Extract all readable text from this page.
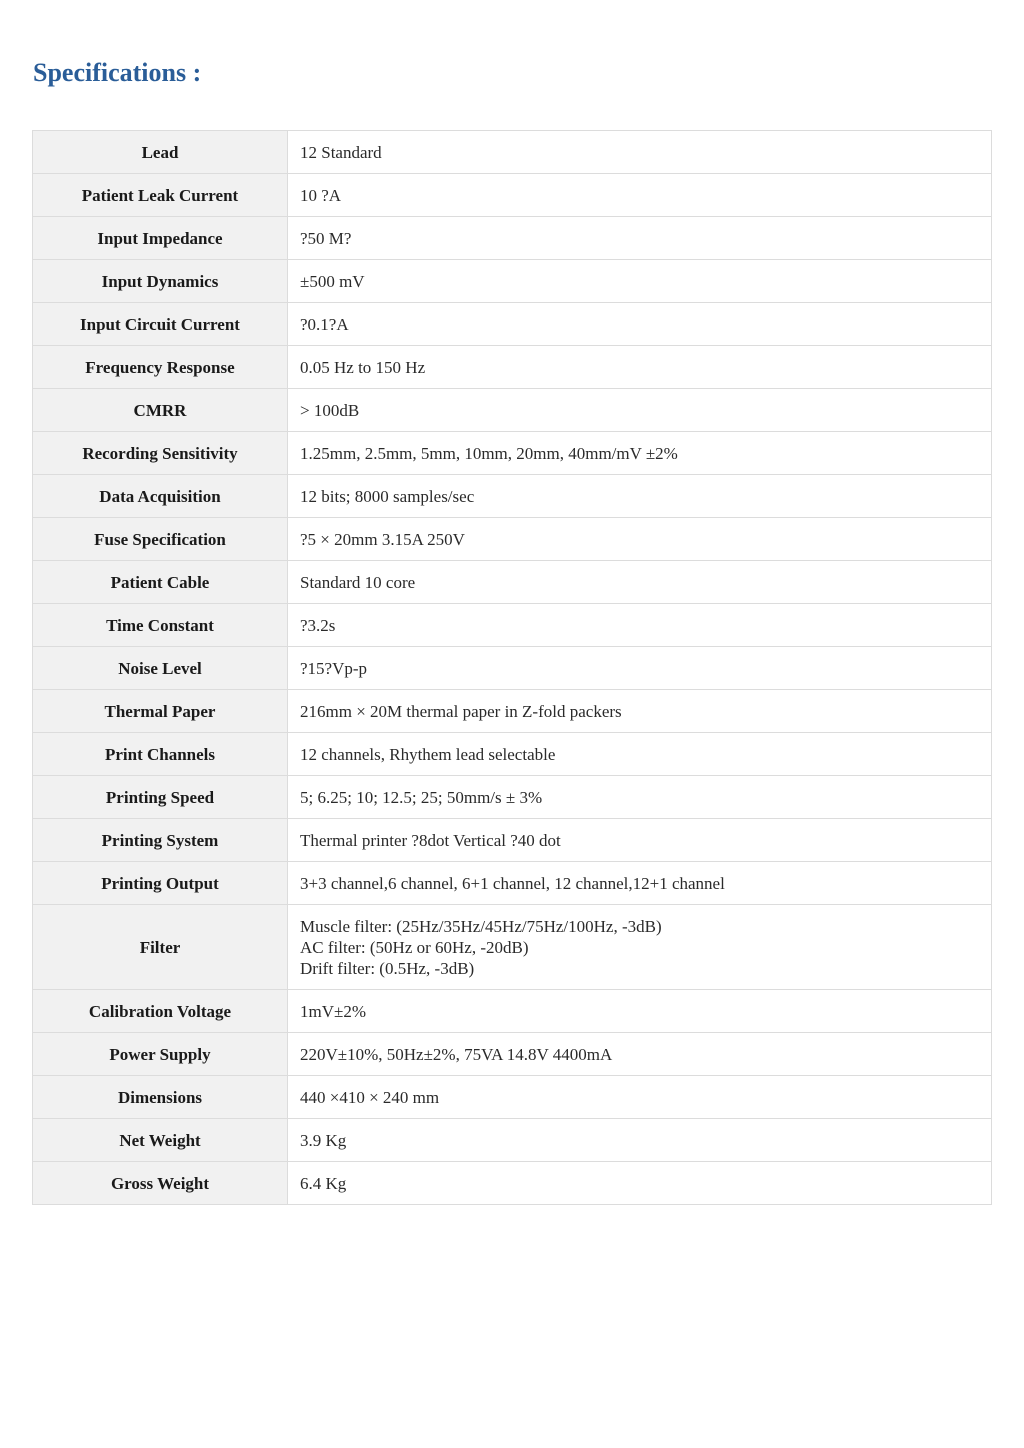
Specifications :
Lead	12 Standard
Patient Leak Current	10 ?A
Input Impedance	?50 M?
Input Dynamics	±500 mV
Input Circuit Current	?0.1?A
Frequency Response	0.05 Hz to 150 Hz
CMRR	> 100dB
Recording Sensitivity	1.25mm, 2.5mm, 5mm, 10mm, 20mm, 40mm/mV ±2%
Data Acquisition	12 bits; 8000 samples/sec
Fuse Specification	?5 × 20mm 3.15A 250V
Patient Cable	Standard 10 core
Time Constant	?3.2s
Noise Level	?15?Vp-p
Thermal Paper	216mm × 20M thermal paper in Z-fold packers
Print Channels	12 channels, Rhythem lead selectable
Printing Speed	5; 6.25; 10; 12.5; 25; 50mm/s ± 3%
Printing System	Thermal printer ?8dot Vertical ?40 dot
Printing Output	3+3 channel,6 channel, 6+1 channel, 12 channel,12+1 channel
Filter	Muscle filter: (25Hz/35Hz/45Hz/75Hz/100Hz, -3dB)
AC filter: (50Hz or 60Hz, -20dB)
Drift filter: (0.5Hz, -3dB)

Calibration Voltage	1mV±2%
Power Supply	220V±10%, 50Hz±2%, 75VA 14.8V 4400mA
Dimensions	440 ×410 × 240 mm
Net Weight	3.9 Kg
Gross Weight	6.4 Kg
